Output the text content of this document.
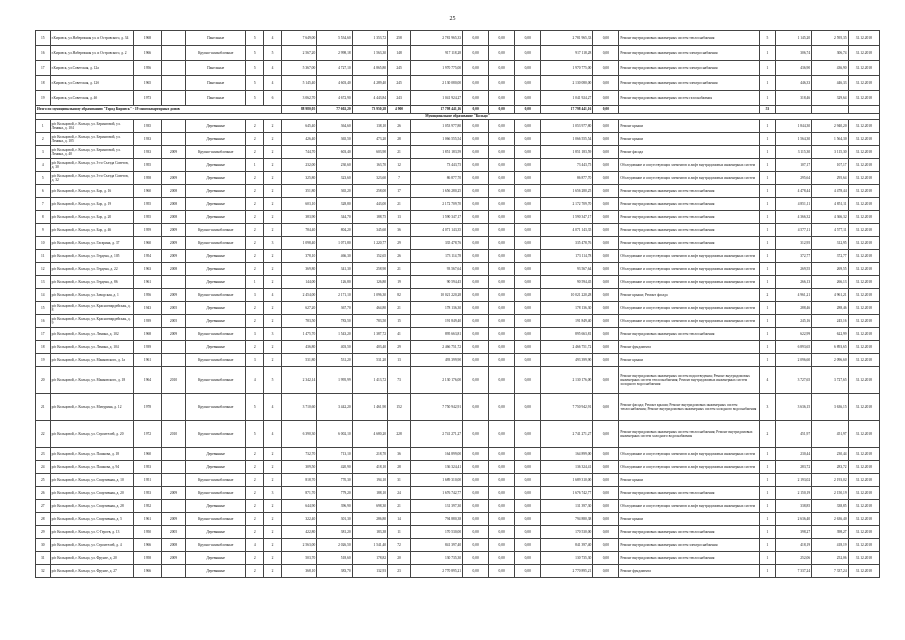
25
15	г.Кировск, ул.Набережная ул. и Островского, д. 34	1968		Панельные	5	4	7 649,00	5 534,60	1 353,72	258	2 781 965,33	0,00	0,00	0,00	2 781 965,33	0,00	Ремонт внутридомовых инженерных систем теплоснабжения	5	1 145,20	2 595,35	31.12.2018
16	г.Кировск, ул.Набережная ул. и Островского, д. 2	1966		Крупно-шлакоблочные	5	5	2 567,20	2 998,18	1 563,30	148	917 118,28	0,00	0,00	0,00	917 118,28	0,00	Ремонт внутридомовых инженерных систем электроснабжения	1	306,74	306,74	31.12.2018
17	г.Кировск, ул.Советская, д. 12а	1956		Панельные	5	4	5 367,00	4 727,10	4 865,80	245	1 970 775,00	0,00	0,00	0,00	1 970 775,00	0,00	Ремонт внутридомовых инженерных систем электроснабжения	1	436,90	436,90	31.12.2018
18	г.Кировск, ул.Советская, д. 12б	1965		Панельные	5	4	5 145,40	4 603,40	4 289,40	245	2 130 080,00	0,00	0,00	0,00	2 130 080,00	0,00	Ремонт внутридомовых инженерных систем электроснабжения	1	446,33	446,33	31.12.2018
19	г.Кировск, ул.Советская, д. 4б	1973		Панельные	5	6	3 062,70	4 672,90	4 443,84	243	1 041 924,27	0,00	0,00	0,00	1 041 924,27	0,00	Ремонт внутридомовых инженерных систем газоснабжения	1	318,46	329,64	31.12.2018
Итого по муниципальному образованию "Город Кировск" - 19 многоквартирных домов							88 980,05	77 602,20	73 950,28	4 900	17 798 441,16	0,00	0,00	0,00	17 798 441,16	0,00		53			
Муниципальное образование "Кольцо"																					
1	р/п Кольцовой, г. Кольцо, ул. Беринговой, ул. Ленина, д. 104	1935		Деревянные	2	2	645,40	364,60	138,10	26	1 053 977,80	0,00	0,00	0,00	1 053 977,80	0,00	Ремонт крыши	1	1 844,30	2 940,20	31.12.2018
2	р/п Кольцовой, г. Кольцо, ул. Беринговой, ул. Ленина, д. 105	1933		Деревянные	2	2	426,40	365,50	473,20	28	1 066 555,54	0,00	0,00	0,00	1 066 555,54	0,00	Ремонт крыши	1	1 564,30	1 564,30	31.12.2018
3	р/п Кольцовой, г. Кольцо, ул. Беринговой, ул. Ленина, д. 40	1933	2009	Крупно-шлакоблочные	2	2	744,70	603,40	603,90	21	1 851 183,59	0,00	0,00	0,00	1 851 183,59	0,00	Ремонт фасада	1	3 115,30	3 115,30	31.12.2018
4	р/п Кольцовой, г. Кольцо, ул. 3-го Съезда Советов, д. 30	1955		Деревянные	1	2	232,00	230,60	163,70	12	73 443,75	0,00	0,00	0,00	73 443,75	0,00	Обследование и сопутствующих элементов и лифт внутридомовых инженерных систем	1	107,17	107,17	31.12.2018
5	р/п Кольцовой, г. Кольцо, ул. 3-го Съезда Советов, д. 32	1958	2009	Деревянные	2	2	325,80	323,60	323,60	7	86 877,70	0,00	0,00	0,00	86 877,70	0,00	Обследование и сопутствующих элементов и лифт внутридомовых инженерных систем	1	295,64	295,64	31.12.2018
6	р/п Кольцовой, г. Кольцо, ул. Бор, д. 16	1960	2008	Деревянные	2	2	351,80	365,20	258,00	17	1 656 280,25	0,00	0,00	0,00	1 656 280,25	0,00	Ремонт внутридомовых инженерных систем теплоснабжения	1	4 478,44	4 478,44	31.12.2018
7	р/п Кольцовой, г. Кольцо, ул. Бор, д. 19	1955	2008	Деревянные	2	2	603,10	328,80	443,00	21	2 172 709,70	0,00	0,00	0,00	2 172 709,70	0,00	Ремонт внутридомовых инженерных систем теплоснабжения	1	4 851,11	4 851,11	31.12.2018
8	р/п Кольцовой, г. Кольцо, ул. Бор, д. 20	1955	2008	Деревянные	2	2	383,90	344,70	188,75	13	1 590 347,17	0,00	0,00	0,00	1 590 347,17	0,00	Ремонт внутридомовых инженерных систем теплоснабжения	1	4 366,32	4 366,32	31.12.2018
9	р/п Кольцовой, г. Кольцо, ул. Бор, д. 46	1959	2009	Крупно-шлакоблочные	2	2	784,40	804,20	345,60	36	4 071 143,35	0,00	0,00	0,00	4 071 143,35	0,00	Ремонт внутридомовых инженерных систем теплоснабжения	1	4 577,11	4 577,11	31.12.2018
10	р/п Кольцовой, г. Кольцо, ул. Гагарина, д. 37	1960	2009	Крупно-шлакоблочные	2	3	1 098,40	1 071,80	1 220,77	29	335 478,76	0,00	0,00	0,00	335 478,76	0,00	Ремонт внутридомовых инженерных систем теплоснабжения	1	312,95	312,95	31.12.2018
11	р/п Кольцовой, г. Кольцо, ул. Гердена, д. 105	1954	2009	Деревянные	2	2	378,10	466,30	152,65	26	173 114,78	0,00	0,00	0,00	173 114,78	0,00	Обследование и сопутствующих элементов и лифт внутридомовых инженерных систем	1	372,77	372,77	31.12.2018
12	р/п Кольцовой, г. Кольцо, ул. Гердена, д. 22	1963	2008	Деревянные	2	2	369,80	341,30	258,90	21	93 567,64	0,00	0,00	0,00	93 567,64	0,00	Обследование и сопутствующих элементов и лифт внутридомовых инженерных систем	1	269,55	269,55	31.12.2018
13	р/п Кольцовой, г. Кольцо, ул. Гердена, д. 86	1961		Деревянные	1	2	144,00	126,80	126,80	19	90 594,45	0,00	0,00	0,00	90 594,45	0,00	Обследование и сопутствующих элементов и лифт внутридомовых инженерных систем	1	266,13	266,13	31.12.2018
14	р/п Кольцовой, г. Кольцо, ул. Заводская, д. 1	1956	2009	Крупно-шлакоблочные	3	4	2 454,00	2 171,10	1 096,30	82	10 021 220,28	0,00	0,00	0,00	10 021 220,28	0,00	Ремонт крыши; Ремонт фасада	2	4 961,21	4 961,21	31.12.2018
15	р/п Кольцовой, г. Кольцо, ул. Красногвардейская, д. 8	1943	2005	Деревянные	2	2	627,20	367,70	464,80	21	178 136,30	0,00	0,00	0,00	178 136,30	0,00	Обследование и сопутствующих элементов и лифт внутридомовых инженерных систем	1	288,46	288,46	31.12.2018
16	р/п Кольцовой, г. Кольцо, ул. Красногвардейская, д. 9	1939	2005	Деревянные	2	2	783,50	783,50	783,50	15	191 849,40	0,00	0,00	0,00	191 849,40	0,00	Обследование и сопутствующих элементов и лифт внутридомовых инженерных систем	1	245,16	245,16	31.12.2018
17	р/п Кольцовой, г. Кольцо, ул. Ленина, д. 102	1968	2009	Крупно-шлакоблочные	3	3	1 475,70	1 543,20	1 387,72	41	895 663,81	0,00	0,00	0,00	895 663,81	0,00	Ремонт внутридомовых инженерных систем теплоснабжения	1	622,99	622,99	31.12.2018
18	р/п Кольцовой, г. Кольцо, ул. Ленина, д. 104	1939		Деревянные	2	2	436,80	403,50	403,40	29	2 466 751,72	0,00	0,00	0,00	2 466 751,72	0,00	Ремонт фундамента	1	6 893,65	6 893,65	31.12.2018
19	р/п Кольцовой, г. Кольцо, ул. Маяковского, д. 1а	1961		Крупно-шлакоблочные	3	2	531,80	531,20	531,20	13	493 399,90	0,00	0,00	0,00	493 399,90	0,00	Ремонт крыши	1	2 096,60	2 096,60	31.12.2018
20	р/п Кольцовой, г. Кольцо, ул. Маяковского, д. 18	1964	2010	Крупно-шлакоблочные	4	5	2 342,14	1 995,99	1 413,72	73	2 130 176,00	0,00	0,00	0,00	2 130 176,00	0,00	Ремонт внутридомовых инженерных систем водоотведения; Ремонт внутридомовых инженерных систем теплоснабжения; Ремонт внутридомовых инженерных систем холодного водоснабжения	4	3 727,65	3 727,65	31.12.2018
21	р/п Кольцовой, г. Кольцо, ул. Мичурина, д. 12	1978		Крупно-шлакоблочные	5	4	3 710,60	3 442,20	1 461,90	152	7 750 942,91	0,00	0,00	0,00	7 750 942,91	0,00	Ремонт фасада; Ремонт крыши; Ремонт внутридомовых инженерных систем теплоснабжения; Ремонт внутридомовых инженерных систем холодного водоснабжения	3	3 636,15	3 636,15	31.12.2018
22	р/п Кольцовой, г. Кольцо, ул. Строителей, д. 20	1972	2010	Крупно-шлакоблочные	5	4	6 390,30	6 002,10	4 680,20	228	2 741 271,27	0,00	0,00	0,00	2 741 271,27	0,00	Ремонт внутридомовых инженерных систем теплоснабжения; Ремонт внутридомовых инженерных систем холодного водоснабжения	2	451,97	451,97	31.12.2018
23	р/п Кольцовой, г. Кольцо, ул. Пашкова, д. 18	1960		Деревянные	2	2	732,70	713,10	218,70	36	164 899,00	0,00	0,00	0,00	164 899,00	0,00	Обследование и сопутствующих элементов и лифт внутридомовых инженерных систем	1	230,44	230,44	31.12.2018
24	р/п Кольцовой, г. Кольцо, ул. Пашкова, д. 94	1953		Деревянные	2	2	309,50	420,90	418,10	28	136 324,41	0,00	0,00	0,00	136 324,41	0,00	Обследование и сопутствующих элементов и лифт внутридомовых инженерных систем	1	283,72	283,72	31.12.2018
25	р/п Кольцовой, г. Кольцо, ул. Спортивная, д. 10	1951		Крупно-шлакоблочные	2	2	818,70	770,30	194,10	31	1 689 310,00	0,00	0,00	0,00	1 689 310,00	0,00	Ремонт крыши	1	2 193,02	2 193,02	31.12.2018
26	р/п Кольцовой, г. Кольцо, ул. Спортивная, д. 20	1953	2009	Крупно-шлакоблочные	2	3	871,70	779,20	188,10	24	1 676 742,77	0,00	0,00	0,00	1 676 742,77	0,00	Ремонт внутридомовых инженерных систем теплоснабжения	1	2 150,19	2 150,19	31.12.2018
27	р/п Кольцовой, г. Кольцо, ул. Спортивная, д. 28	1952		Деревянные	2	2	644,90	396,90	698,30	21	131 397,30	0,00	0,00	0,00	131 397,30	0,00	Обследование и сопутствующих элементов и лифт внутридомовых инженерных систем	1	338,85	338,85	31.12.2018
28	р/п Кольцовой, г. Кольцо, ул. Спортивная, д. 5	1961	2009	Крупно-шлакоблочные	2	2	322,40	301,30	286,80	14	794 880,38	0,00	0,00	0,00	794 880,38	0,00	Ремонт крыши	1	2 636,40	2 636,40	31.12.2018
29	р/п Кольцовой, г. Кольцо, ул. С-Героев, д. 13	1950	2005	Деревянные	2	2	422,80	381,20	183,38	11	170 530,00	0,00	0,00	0,00	170 530,00	0,00	Ремонт внутридомовых инженерных систем теплоснабжения	1	398,27	398,27	31.12.2018
30	р/п Кольцовой, г. Кольцо, ул. Строителей, д. 4	1966	2008	Крупно-шлакоблочные	4	2	2 563,00	2 026,50	1 541,40	72	841 397,40	0,00	0,00	0,00	841 397,40	0,00	Ремонт внутридомовых инженерных систем электроснабжения	1	418,19	418,19	31.12.2018
31	р/п Кольцовой, г. Кольцо, ул. Фрунзе, д. 20	1958	2009	Деревянные	2	2	503,70	518,60	178,82	20	130 735,30	0,00	0,00	0,00	130 735,30	0,00	Ремонт внутридомовых инженерных систем теплоснабжения	1	252,06	252,06	31.12.2018
32	р/п Кольцовой, г. Кольцо, ул. Фрунзе, д. 27	1966		Деревянные	2	2	368,10	383,70	132,93	23	2 770 895,21	0,00	0,00	0,00	2 770 895,21	0,00	Ремонт фундамента	1	7 337,24	7 337,24	31.12.2018
